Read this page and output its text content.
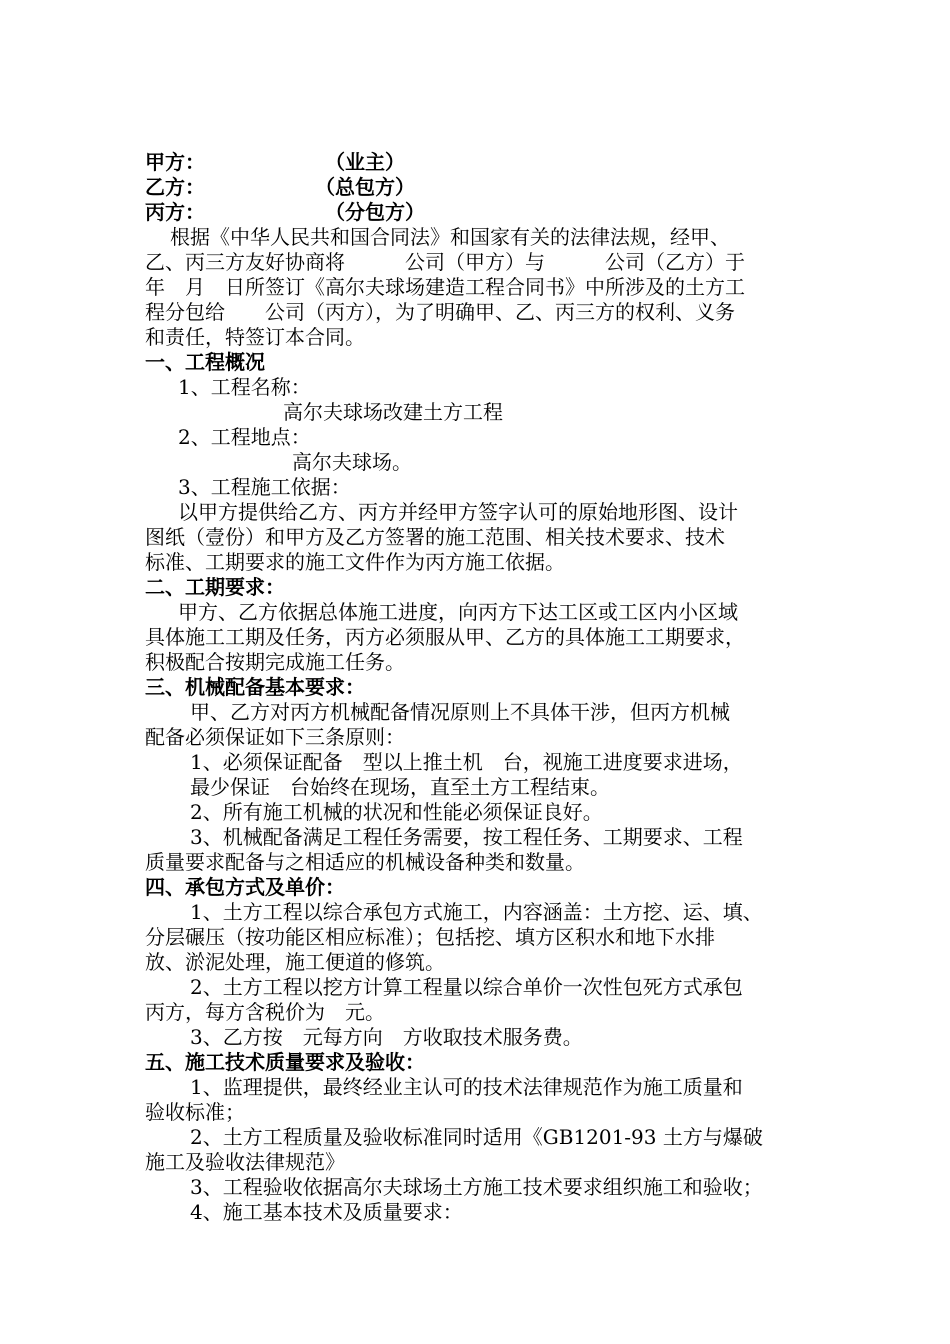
甲方：	（业主）
乙方：	（总包方）
丙方：	（分包方）
根据《中华人民共和国合同法》和国家有关的法律法规，经甲、
乙、丙三方友好协商将　　　公司（甲方）与　　　公司（乙方）于
年　月　日所签订《高尔夫球场建造工程合同书》中所涉及的土方工
程分包给　　公司（丙方），为了明确甲、乙、丙三方的权利、义务
和责任，特签订本合同。
一、工程概况
1、工程名称：
高尔夫球场改建土方工程
2、工程地点：
高尔夫球场。
3、工程施工依据：
以甲方提供给乙方、丙方并经甲方签字认可的原始地形图、设计
图纸（壹份）和甲方及乙方签署的施工范围、相关技术要求、技术
标准、工期要求的施工文件作为丙方施工依据。
二、工期要求：
甲方、乙方依据总体施工进度，向丙方下达工区或工区内小区域
具体施工工期及任务，丙方必须服从甲、乙方的具体施工工期要求，
积极配合按期完成施工任务。
三、机械配备基本要求：
甲、乙方对丙方机械配备情况原则上不具体干涉，但丙方机械
配备必须保证如下三条原则：
1、必须保证配备　型以上推土机　台，视施工进度要求进场，
最少保证　台始终在现场，直至土方工程结束。
2、所有施工机械的状况和性能必须保证良好。
3、机械配备满足工程任务需要，按工程任务、工期要求、工程
质量要求配备与之相适应的机械设备种类和数量。
四、承包方式及单价：
1、土方工程以综合承包方式施工，内容涵盖：土方挖、运、填、
分层碾压（按功能区相应标准）；包括挖、填方区积水和地下水排
放、淤泥处理，施工便道的修筑。
2、土方工程以挖方计算工程量以综合单价一次性包死方式承包
丙方，每方含税价为　元。
3、乙方按　元每方向　方收取技术服务费。
五、施工技术质量要求及验收：
1、监理提供，最终经业主认可的技术法律规范作为施工质量和
验收标准；
2、土方工程质量及验收标准同时适用《GB1201-93 土方与爆破
施工及验收法律规范》
3、工程验收依据高尔夫球场土方施工技术要求组织施工和验收；
4、施工基本技术及质量要求：
